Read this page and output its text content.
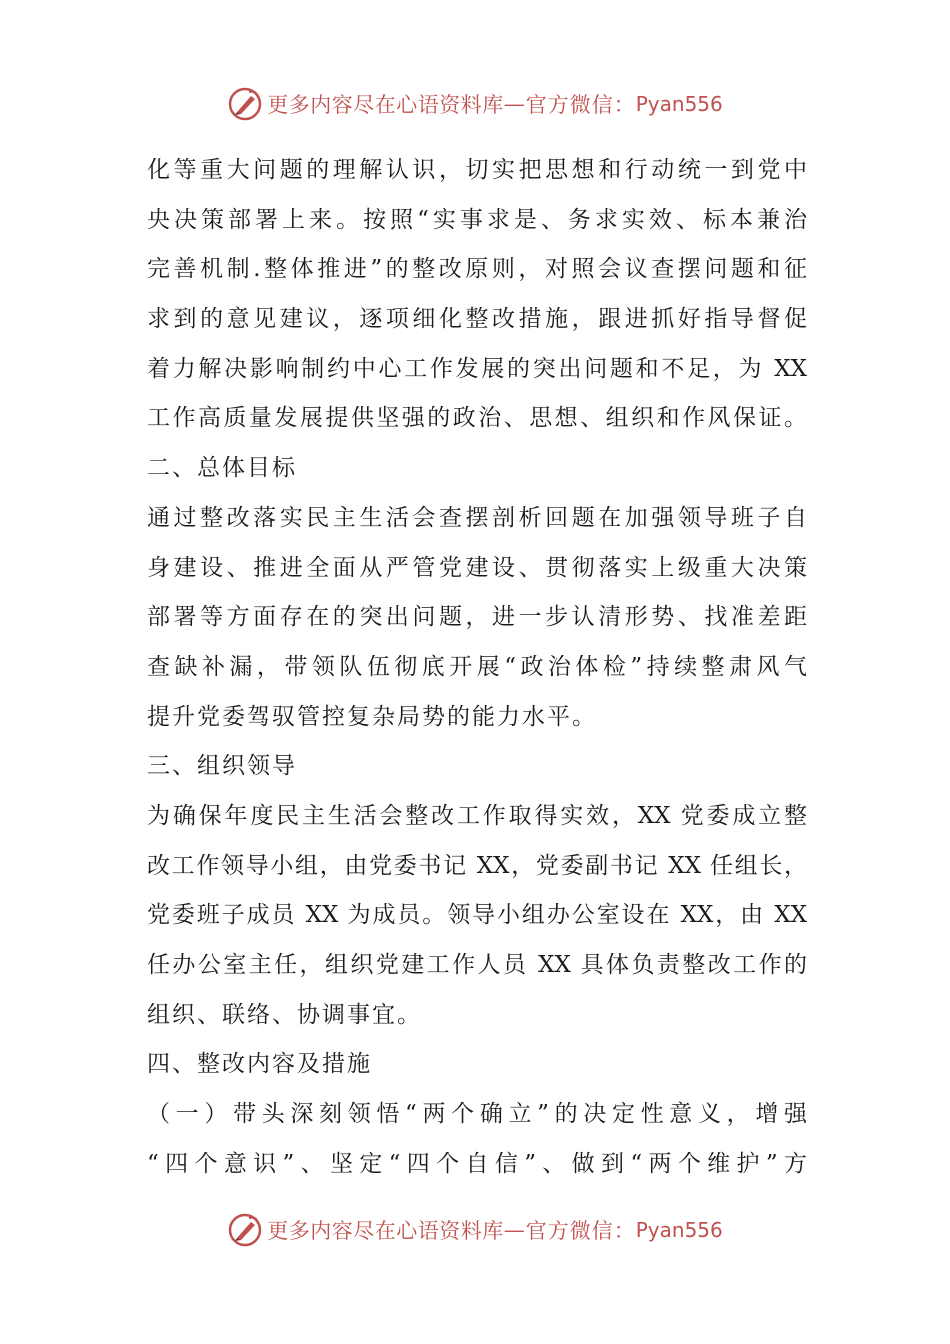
更多内容尽在心语资料库 — 官方微信： Pyan556
化等重大问题的理解认识，切实把思想和行动统一到党中
央决策部署上来。按照“实事求是、务求实效、标本兼治
完善机制.整体推进”的整改原则，对照会议查摆问题和征
求到的意见建议，逐项细化整改措施，跟进抓好指导督促
着力解决影响制约中心工作发展的突出问题和不足，为 XX
工作高质量发展提供坚强的政治、思想、组织和作风保证。
二、总体目标
通过整改落实民主生活会查摆剖析回题在加强领导班子自
身建设、推进全面从严管党建设、贯彻落实上级重大决策
部署等方面存在的突出问题，进一步认清形势、找准差距
查缺补漏，带领队伍彻底开展“政治体检”持续整肃风气
提升党委驾驭管控复杂局势的能力水平。
三、组织领导
为确保年度民主生活会整改工作取得实效，XX 党委成立整
改工作领导小组，由党委书记 XX，党委副书记 XX 任组长，
党委班子成员 XX 为成员。领导小组办公室设在 XX，由 XX
任办公室主任，组织党建工作人员 XX 具体负责整改工作的
组织、联络、协调事宜。
四、整改内容及措施
（一）带头深刻领悟“两个确立”的决定性意义，增强
“四个意识”、坚定“四个自信”、做到“两个维护”方
更多内容尽在心语资料库 — 官方微信： Pyan556
